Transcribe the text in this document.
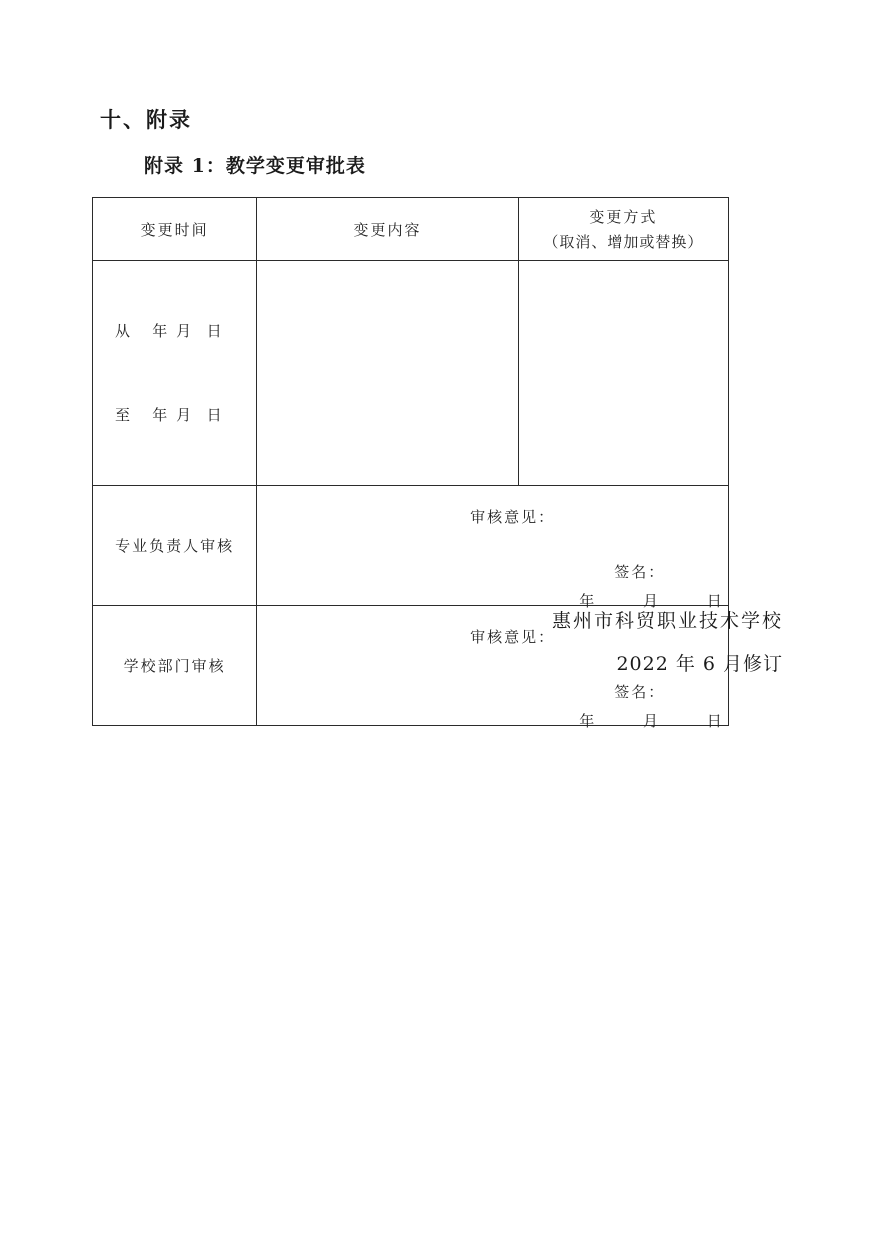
十、附录
附录 1：教学变更审批表
变更时间	变更内容	变更方式
（取消、增加或替换）

从   年 月  日

至   年 月  日		

专业负责人审核	审核意见：
签名：
年 月 日	

学校部门审核	审核意见：
签名：
年 月 日	
惠州市科贸职业技术学校
2022 年 6 月修订
